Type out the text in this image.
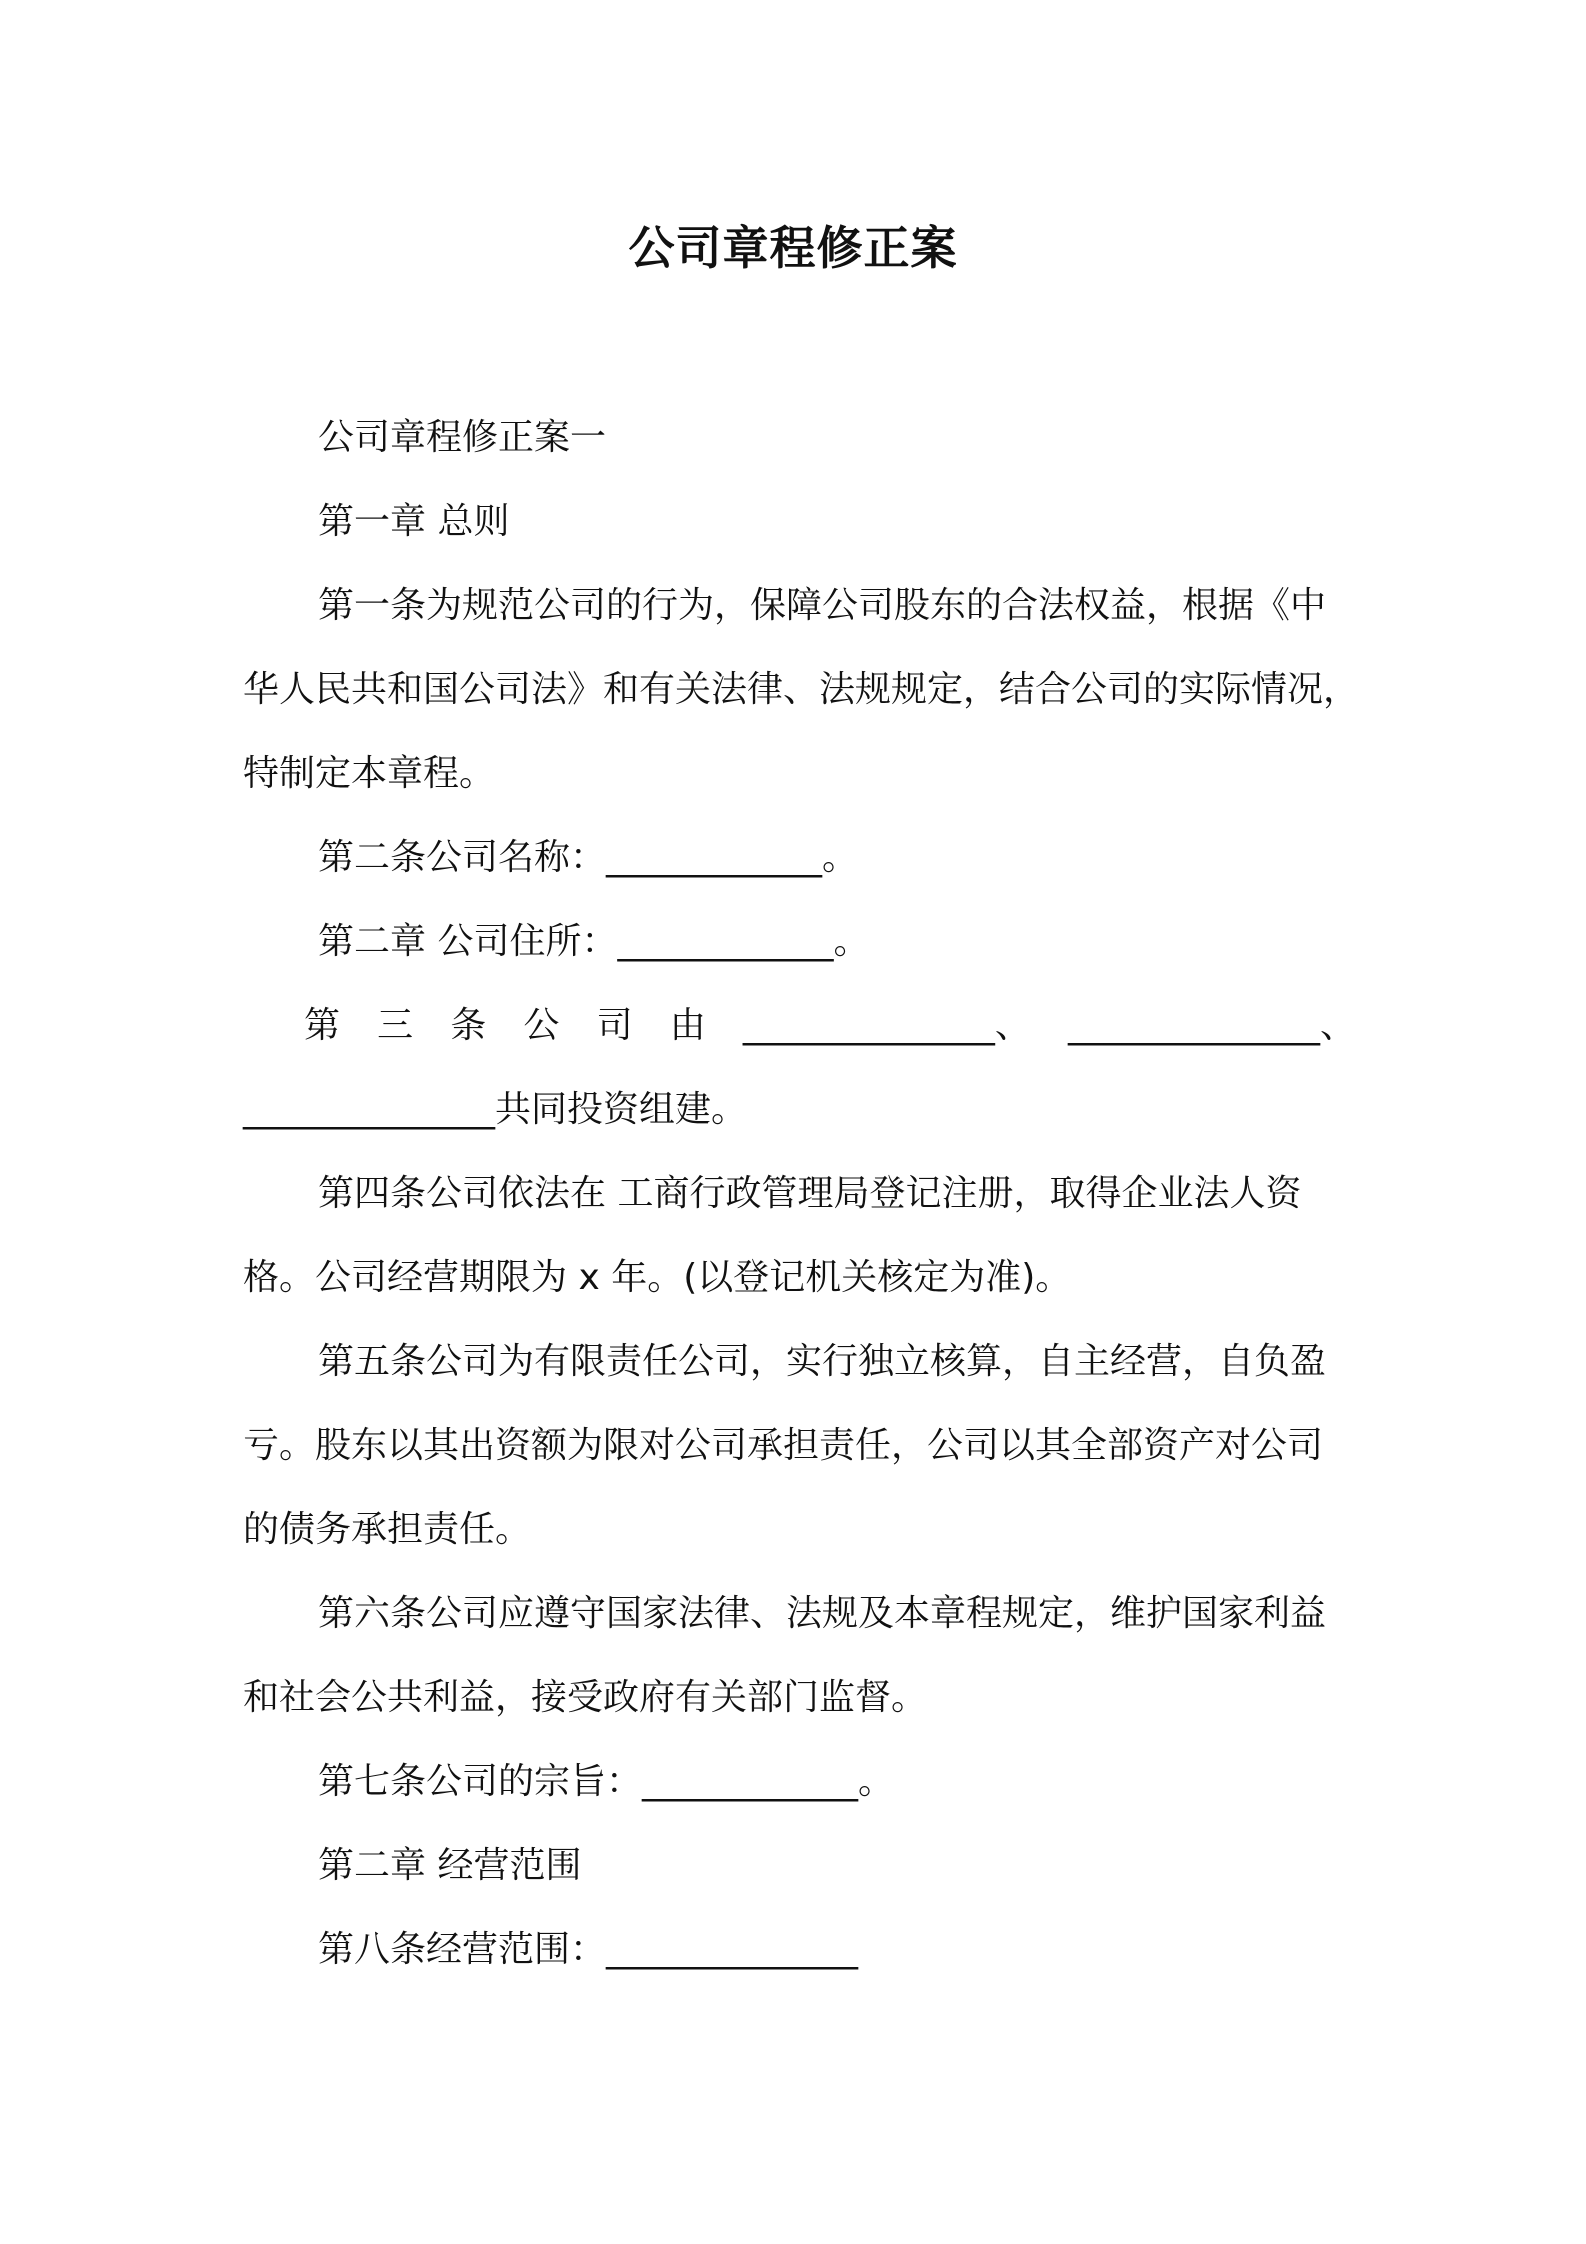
公司章程修正案
公司章程修正案一
第一章 总则
第一条为规范公司的行为，保障公司股东的合法权益，根据《中
华人民共和国公司法》和有关法律、法规规定，结合公司的实际情况，
特制定本章程。
第二条公司名称：____________。
第二章 公司住所：____________。
第 三 条 公 司 由 ______________、 ______________、
______________共同投资组建。
第四条公司依法在 工商行政管理局登记注册，取得企业法人资
格。公司经营期限为 x 年。(以登记机关核定为准)。
第五条公司为有限责任公司，实行独立核算，自主经营，自负盈
亏。股东以其出资额为限对公司承担责任，公司以其全部资产对公司
的债务承担责任。
第六条公司应遵守国家法律、法规及本章程规定，维护国家利益
和社会公共利益，接受政府有关部门监督。
第七条公司的宗旨：____________。
第二章 经营范围
第八条经营范围：______________
